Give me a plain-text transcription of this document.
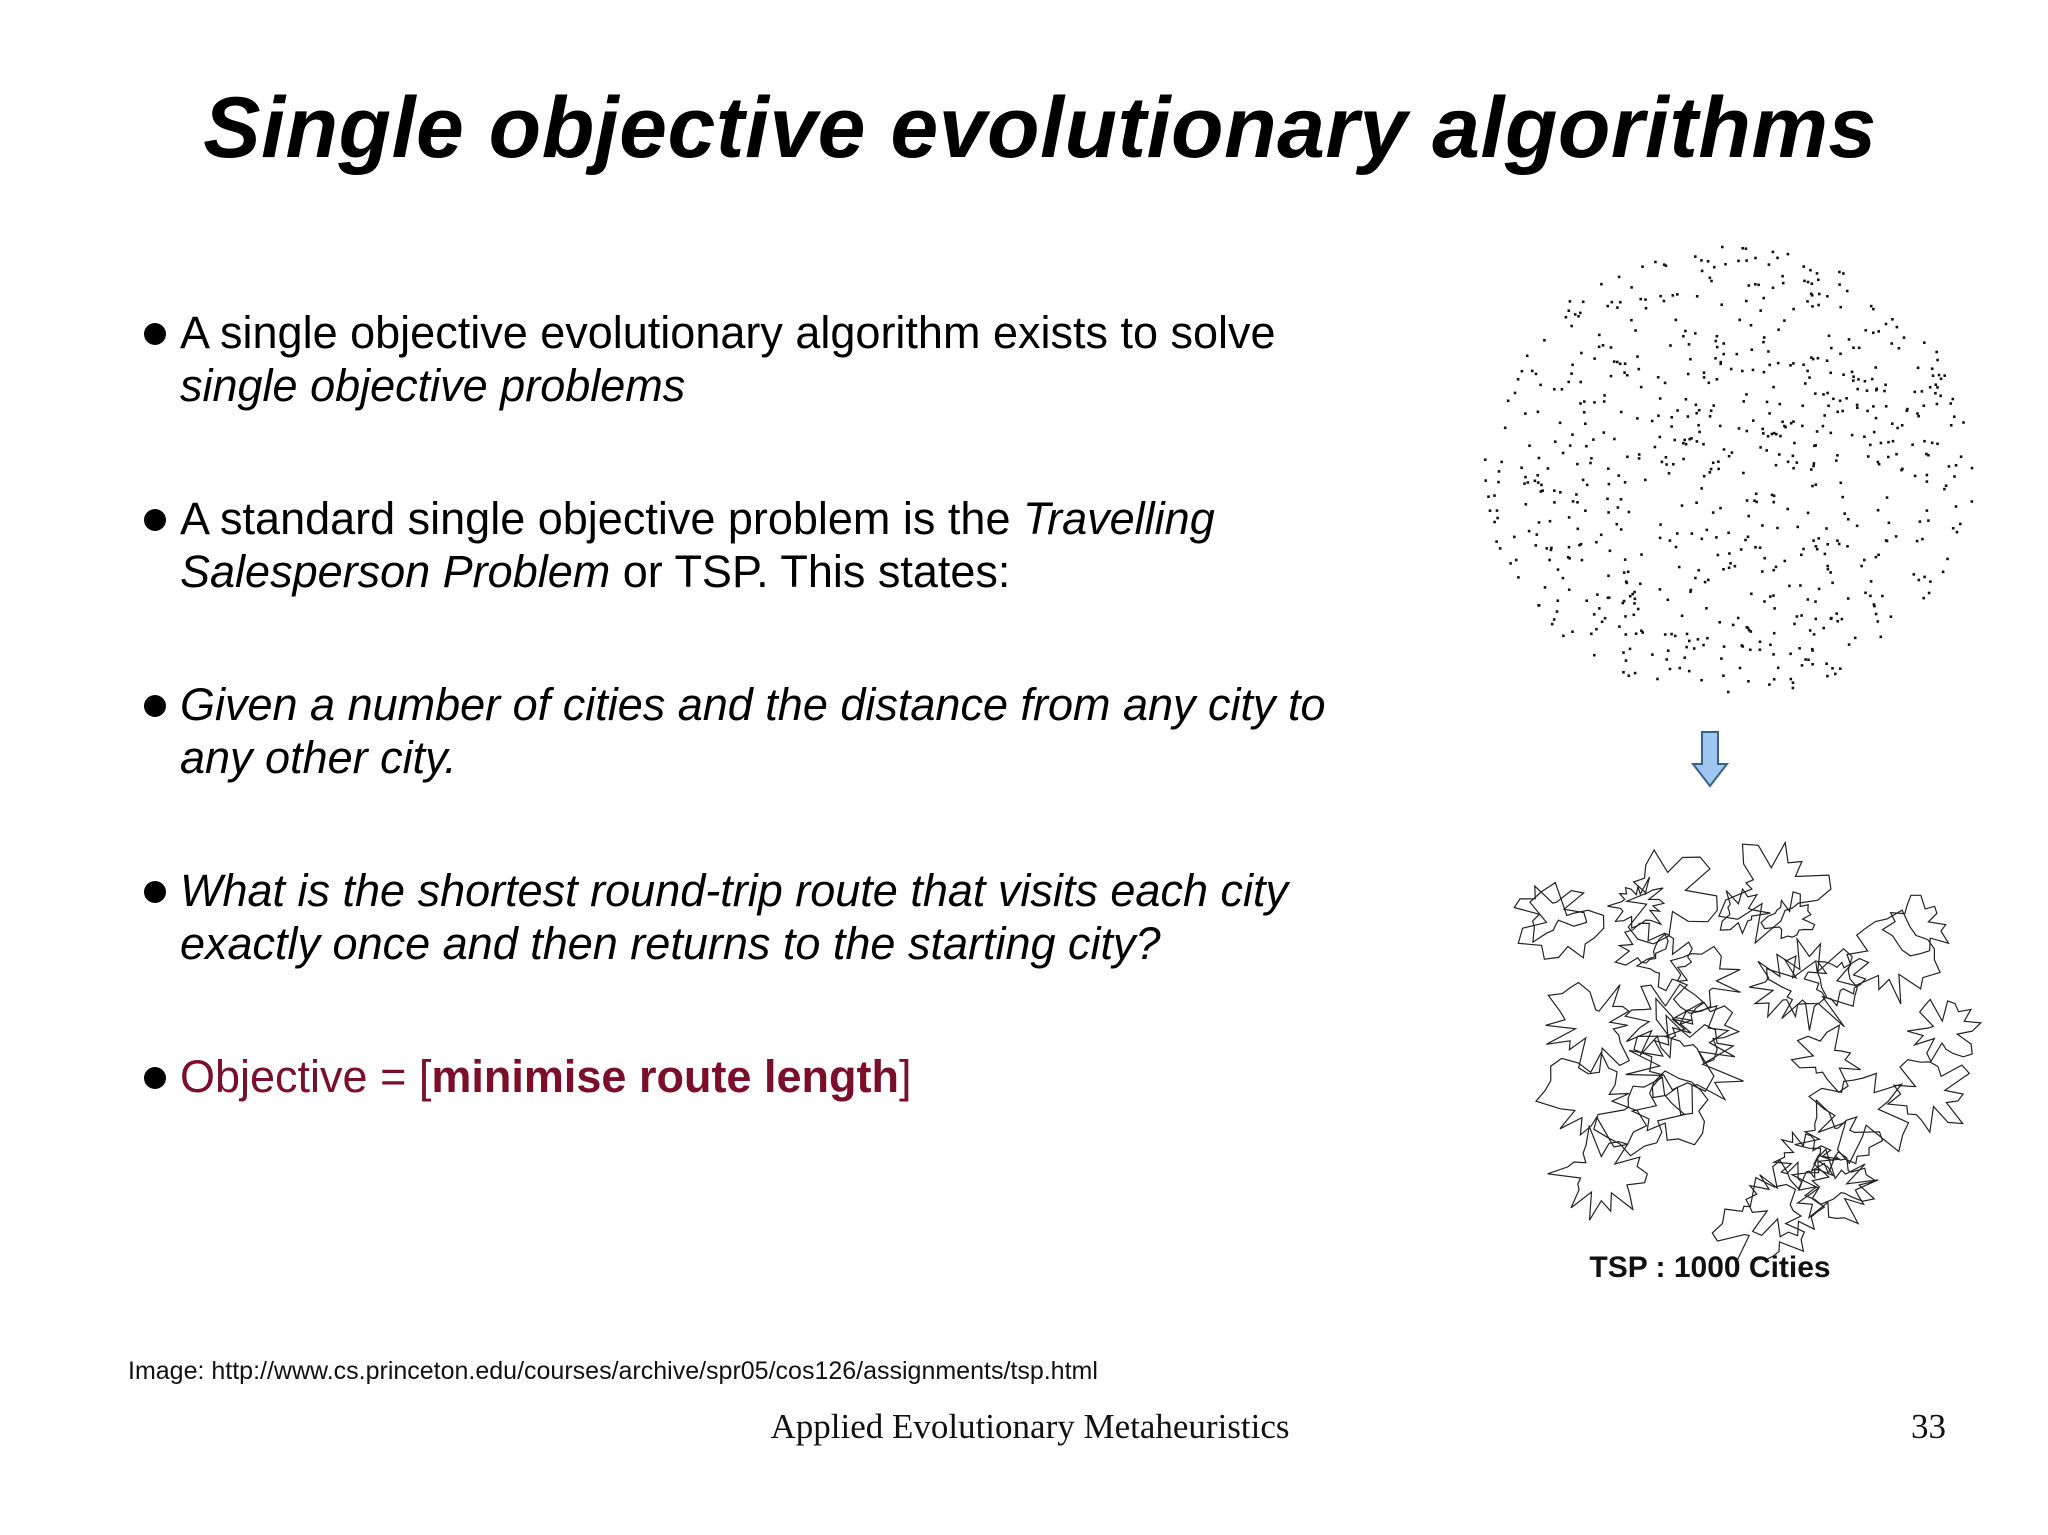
Single objective evolutionary algorithms
A single objective evolutionary algorithm exists to solve
single objective problems
A standard single objective problem is the Travelling
Salesperson Problem or TSP. This states:
Given a number of cities and the distance from any city to
any other city.
What is the shortest round-trip route that visits each city
exactly once and then returns to the starting city?
Objective = [minimise route length]
TSP : 1000 Cities
Image: http://www.cs.princeton.edu/courses/archive/spr05/cos126/assignments/tsp.html
Applied Evolutionary Metaheuristics	33
